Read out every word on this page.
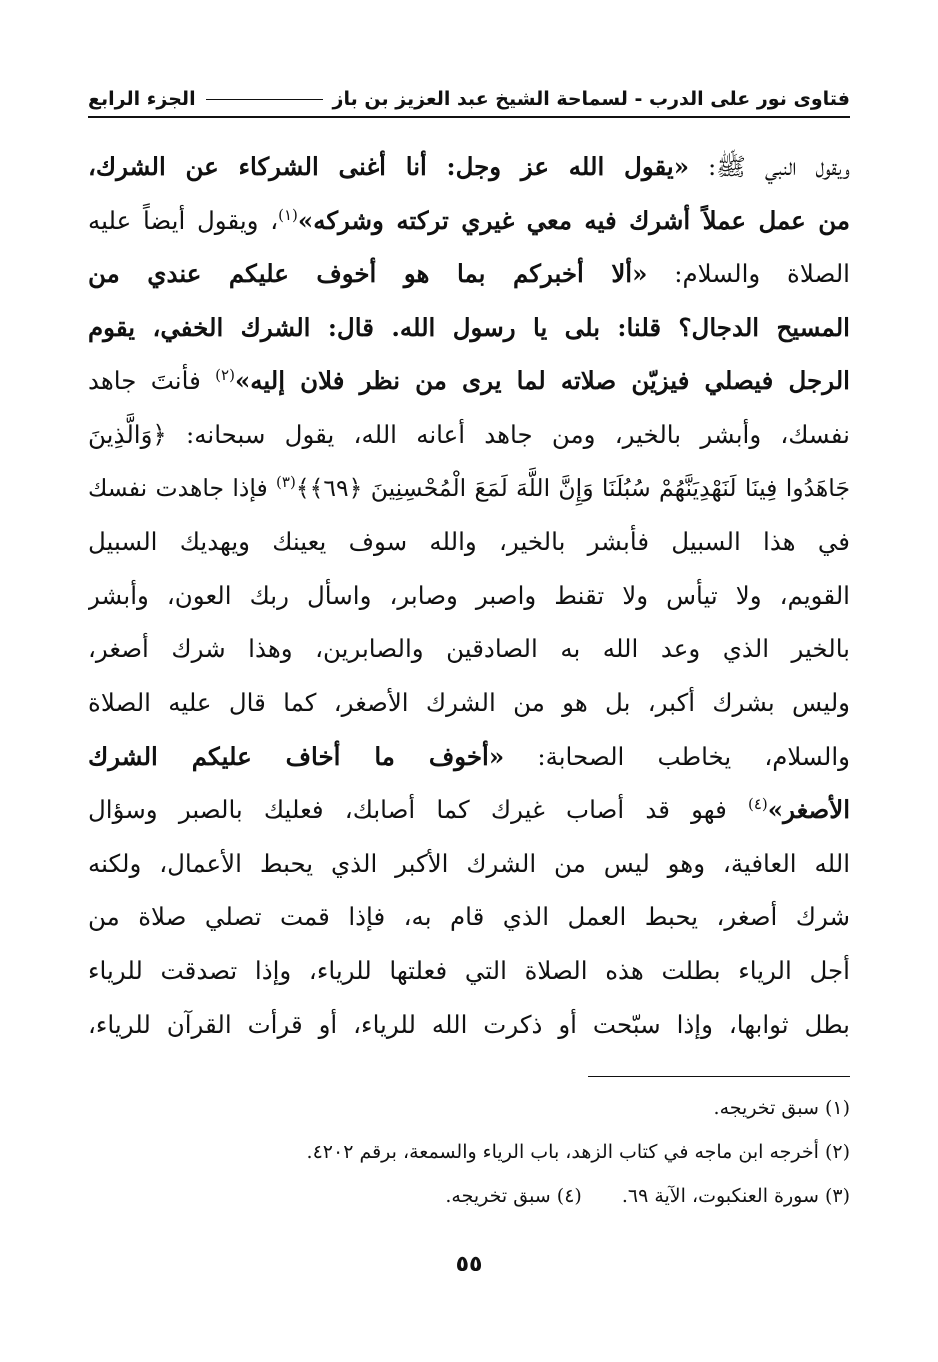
فتاوى نور على الدرب - لسماحة الشيخ عبد العزيز بن باز
الجزء الرابع
ويقول النبي ﷺ: «يقول الله عز وجل: أنا أغنى الشركاء عن الشرك،
من عمل عملاً أشرك فيه معي غيري تركته وشركه»$^{(١)}$، ويقول أيضاً عليه
الصلاة والسلام: «ألا أخبركم بما هو أخوف عليكم عندي من
المسيح الدجال؟ قلنا: بلى يا رسول الله. قال: الشرك الخفي، يقوم
الرجل فيصلي فيزيّن صلاته لما يرى من نظر فلان إليه»$^{(٢)}$ فأنتَ جاهد
نفسك، وأبشر بالخير، ومن جاهد أعانه الله، يقول سبحانه: ﴿وَالَّذِينَ
جَاهَدُوا فِينَا لَنَهْدِيَنَّهُمْ سُبُلَنَا وَإِنَّ اللَّهَ لَمَعَ الْمُحْسِنِينَ ﴿٦٩﴾﴾$^{(٣)}$ فإذا جاهدت نفسك
في هذا السبيل فأبشر بالخير، والله سوف يعينك ويهديك السبيل
القويم، ولا تيأس ولا تقنط واصبر وصابر، واسأل ربك العون، وأبشر
بالخير الذي وعد الله به الصادقين والصابرين، وهذا شرك أصغر،
وليس بشرك أكبر، بل هو من الشرك الأصغر، كما قال عليه الصلاة
والسلام، يخاطب الصحابة: «أخوف ما أخاف عليكم الشرك
الأصغر»$^{(٤)}$ فهو قد أصاب غيرك كما أصابك، فعليك بالصبر وسؤال
الله العافية، وهو ليس من الشرك الأكبر الذي يحبط الأعمال، ولكنه
شرك أصغر، يحبط العمل الذي قام به، فإذا قمت تصلي صلاة من
أجل الرياء بطلت هذه الصلاة التي فعلتها للرياء، وإذا تصدقت للرياء
بطل ثوابها، وإذا سبّحت أو ذكرت الله للرياء، أو قرأت القرآن للرياء،
(١) سبق تخريجه.
(٢) أخرجه ابن ماجه في كتاب الزهد، باب الرياء والسمعة، برقم ٤٢٠٢.
(٣) سورة العنكبوت، الآية ٦٩.(٤) سبق تخريجه.
٥٥
